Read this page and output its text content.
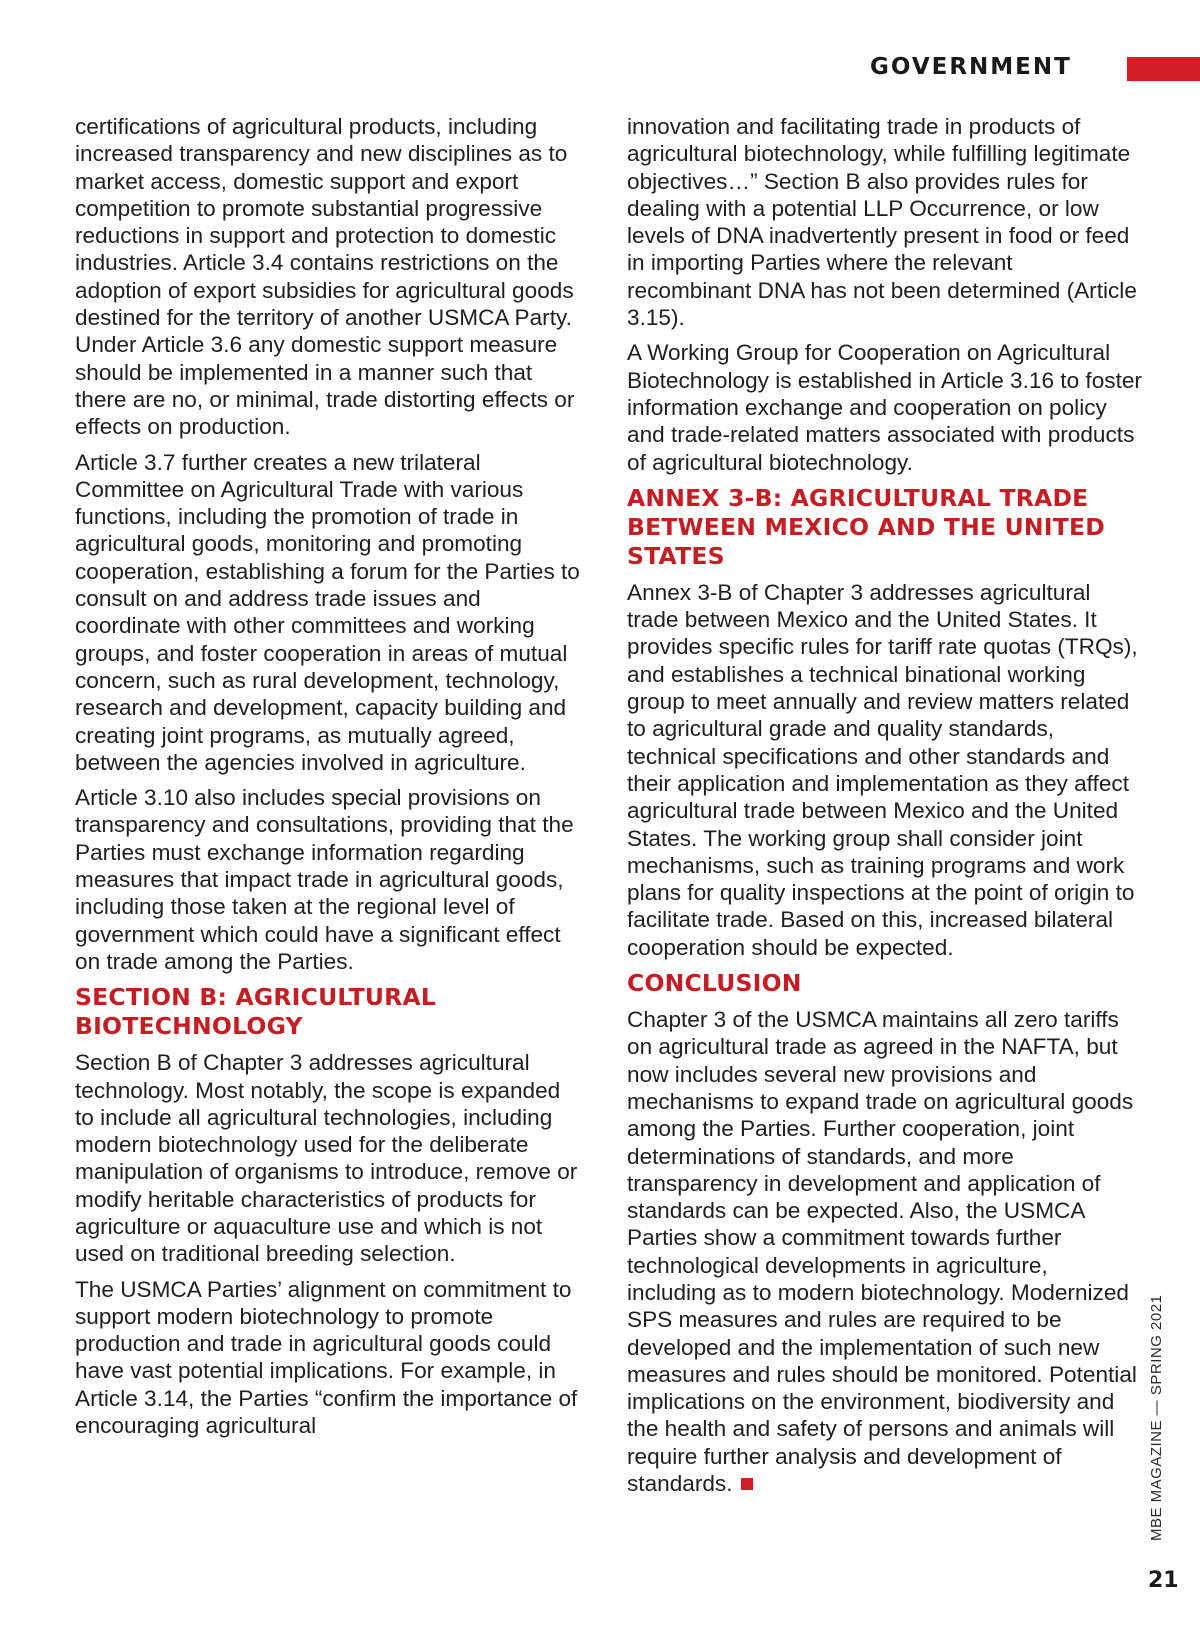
GOVERNMENT

certifications of agricultural products, including increased transparency and new disciplines as to market access, domestic support and export competition to promote substantial progressive reductions in support and protection to domestic industries. Article 3.4 contains restrictions on the adoption of export subsidies for agricultural goods destined for the territory of another USMCA Party. Under Article 3.6 any domestic support measure should be implemented in a manner such that there are no, or minimal, trade distorting effects or effects on production.

Article 3.7 further creates a new trilateral Committee on Agricultural Trade with various functions, including the promotion of trade in agricultural goods, monitoring and promoting cooperation, establishing a forum for the Parties to consult on and address trade issues and coordinate with other committees and working groups, and foster cooperation in areas of mutual concern, such as rural development, technology, research and development, capacity building and creating joint programs, as mutually agreed, between the agencies involved in agriculture.

Article 3.10 also includes special provisions on transparency and consultations, providing that the Parties must exchange information regarding measures that impact trade in agricultural goods, including those taken at the regional level of government which could have a significant effect on trade among the Parties.

SECTION B: AGRICULTURAL BIOTECHNOLOGY

Section B of Chapter 3 addresses agricultural technology. Most notably, the scope is expanded to include all agricultural technologies, including modern biotechnology used for the deliberate manipulation of organisms to introduce, remove or modify heritable characteristics of products for agriculture or aquaculture use and which is not used on traditional breeding selection.

The USMCA Parties’ alignment on commitment to support modern biotechnology to promote production and trade in agricultural goods could have vast potential implications. For example, in Article 3.14, the Parties “confirm the importance of encouraging agricultural

innovation and facilitating trade in products of agricultural biotechnology, while fulfilling legitimate objectives…” Section B also provides rules for dealing with a potential LLP Occurrence, or low levels of DNA inadvertently present in food or feed in importing Parties where the relevant recombinant DNA has not been determined (Article 3.15).

A Working Group for Cooperation on Agricultural Biotechnology is established in Article 3.16 to foster information exchange and cooperation on policy and trade-related matters associated with products of agricultural biotechnology.

ANNEX 3-B: AGRICULTURAL TRADE BETWEEN MEXICO AND THE UNITED STATES

Annex 3-B of Chapter 3 addresses agricultural trade between Mexico and the United States. It provides specific rules for tariff rate quotas (TRQs), and establishes a technical binational working group to meet annually and review matters related to agricultural grade and quality standards, technical specifications and other standards and their application and implementation as they affect agricultural trade between Mexico and the United States. The working group shall consider joint mechanisms, such as training programs and work plans for quality inspections at the point of origin to facilitate trade. Based on this, increased bilateral cooperation should be expected.

CONCLUSION

Chapter 3 of the USMCA maintains all zero tariffs on agricultural trade as agreed in the NAFTA, but now includes several new provisions and mechanisms to expand trade on agricultural goods among the Parties. Further cooperation, joint determinations of standards, and more transparency in development and application of standards can be expected. Also, the USMCA Parties show a commitment towards further technological developments in agriculture, including as to modern biotechnology. Modernized SPS measures and rules are required to be developed and the implementation of such new measures and rules should be monitored. Potential implications on the environment, biodiversity and the health and safety of persons and animals will require further analysis and development of standards.	MBE MAGAZINE — SPRING 2021
21
